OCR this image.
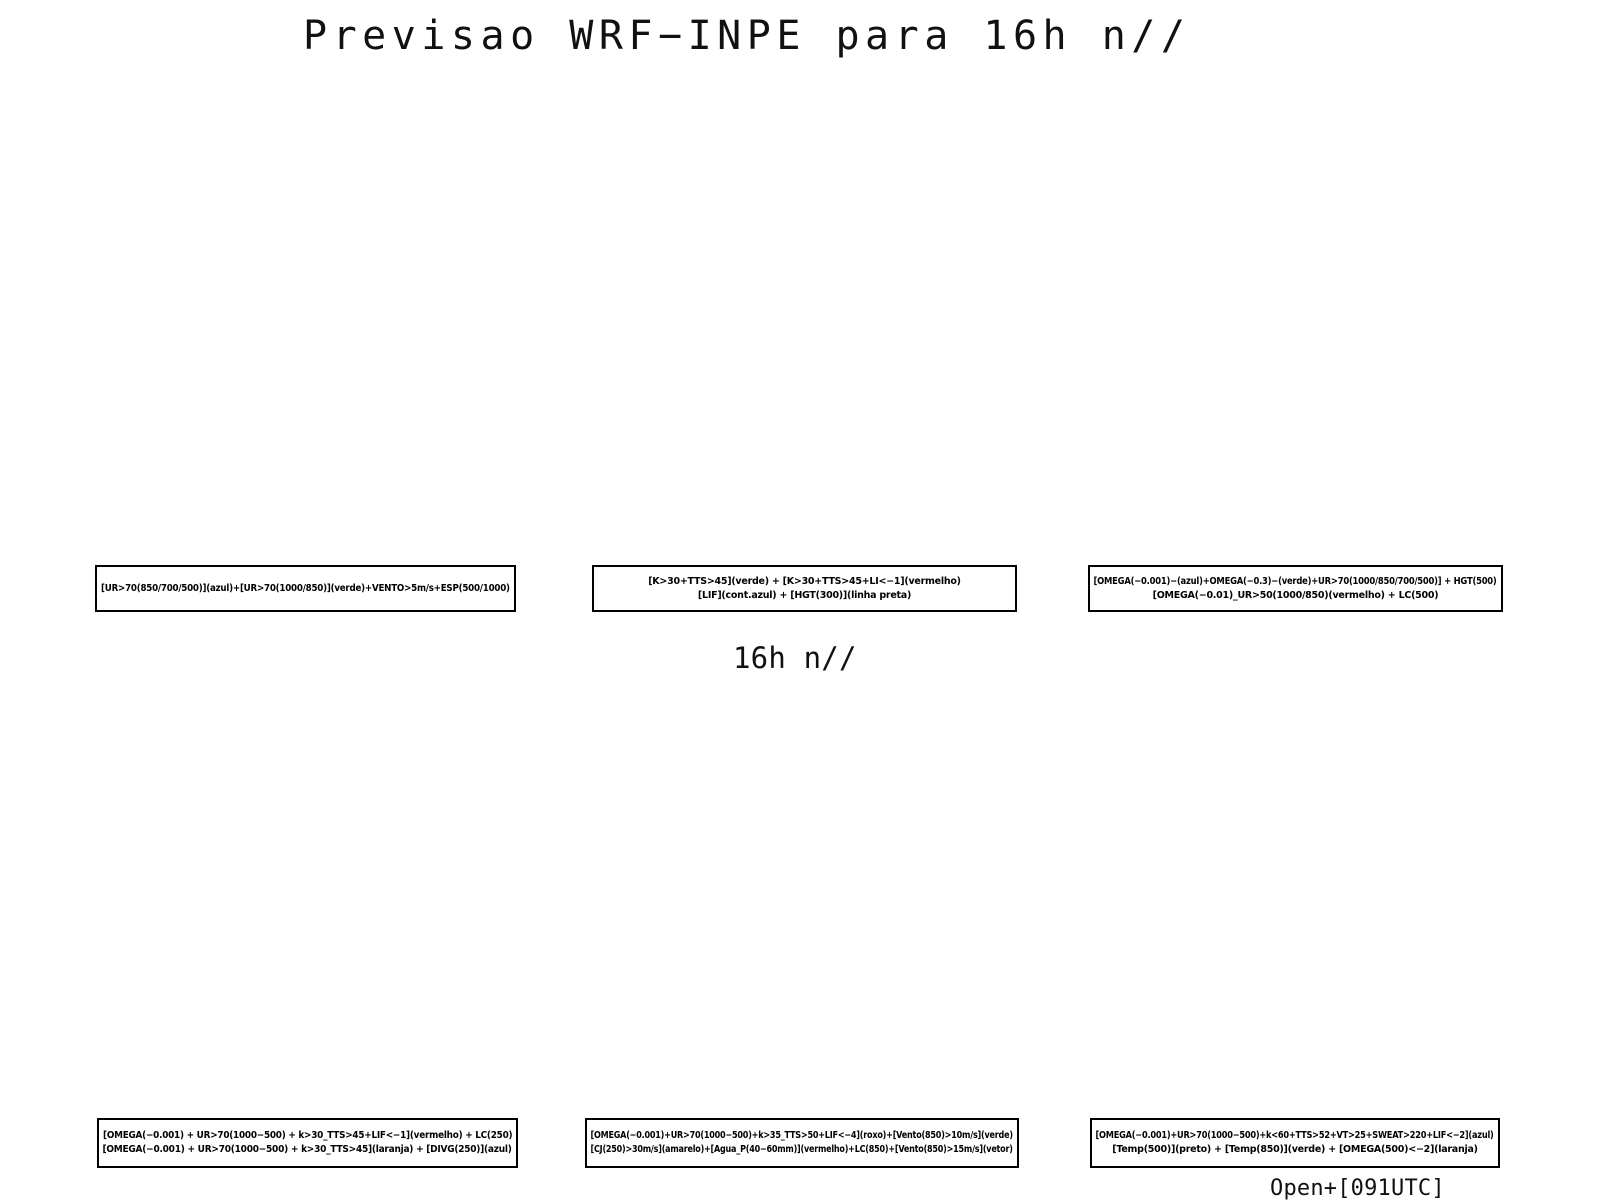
Previsao WRF−INPE para 16h n//
[UR>70(850/700/500)](azul)+[UR>70(1000/850)](verde)+VENTO>5m/s+ESP(500/1000)
[K>30+TTS>45](verde) + [K>30+TTS>45+LI<−1](vermelho)
[LIF](cont.azul) + [HGT(300)](linha preta)
[OMEGA(−0.001)−(azul)+OMEGA(−0.3)−(verde)+UR>70(1000/850/700/500)] + HGT(500)
[OMEGA(−0.01)_UR>50(1000/850)(vermelho) + LC(500)
16h n//
[OMEGA(−0.001) + UR>70(1000−500) + k>30_TTS>45+LIF<−1](vermelho) + LC(250)
[OMEGA(−0.001) + UR>70(1000−500) + k>30_TTS>45](laranja) + [DIVG(250)](azul)
[OMEGA(−0.001)+UR>70(1000−500)+k>35_TTS>50+LIF<−4](roxo)+[Vento(850)>10m/s](verde)
[CJ(250)>30m/s](amarelo)+[Agua_P(40−60mm)](vermelho)+LC(850)+[Vento(850)>15m/s](vetor)
[OMEGA(−0.001)+UR>70(1000−500)+k<60+TTS>52+VT>25+SWEAT>220+LIF<−2](azul)
[Temp(500)](preto) + [Temp(850)](verde) + [OMEGA(500)<−2](laranja)
Open+[091UTC]
